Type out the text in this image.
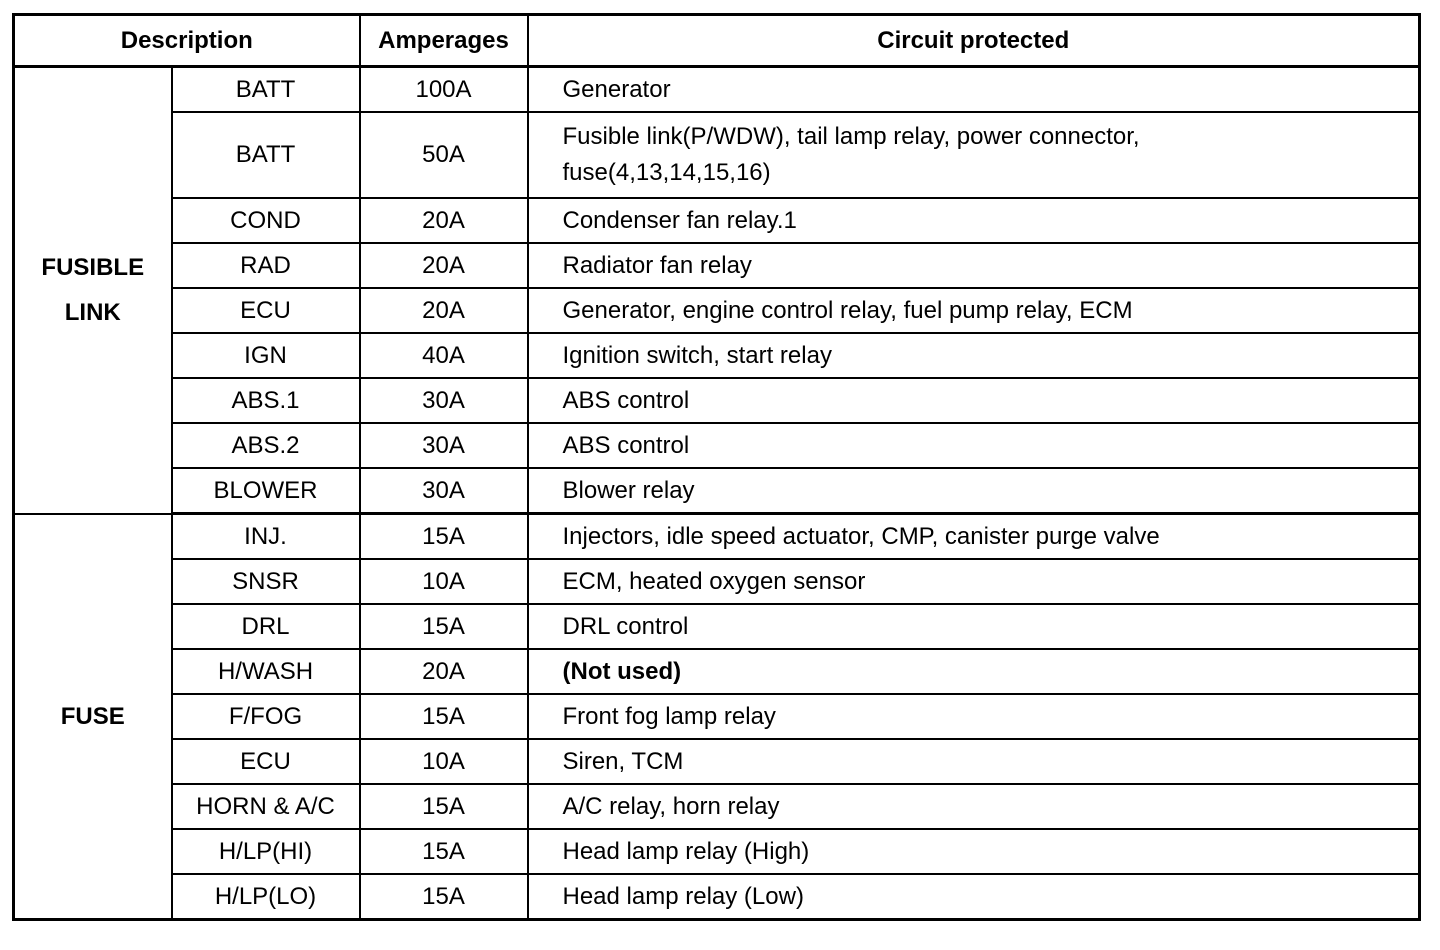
Description		Amperages	Circuit protected
FUSIBLE
LINK	BATT	100A	Generator
	BATT	50A	Fusible link(P/WDW), tail lamp relay, power connector, fuse(4,13,14,15,16)
	COND	20A	Condenser fan relay.1
	RAD	20A	Radiator fan relay
	ECU	20A	Generator, engine control relay, fuel pump relay, ECM
	IGN	40A	Ignition switch, start relay
	ABS.1	30A	ABS control
	ABS.2	30A	ABS control
	BLOWER	30A	Blower relay
FUSE	INJ.	15A	Injectors, idle speed actuator, CMP, canister purge valve
	SNSR	10A	ECM, heated oxygen sensor
	DRL	15A	DRL control
	H/WASH	20A	(Not used)
	F/FOG	15A	Front fog lamp relay
	ECU	10A	Siren, TCM
	HORN & A/C	15A	A/C relay, horn relay
	H/LP(HI)	15A	Head lamp relay (High)
	H/LP(LO)	15A	Head lamp relay (Low)
